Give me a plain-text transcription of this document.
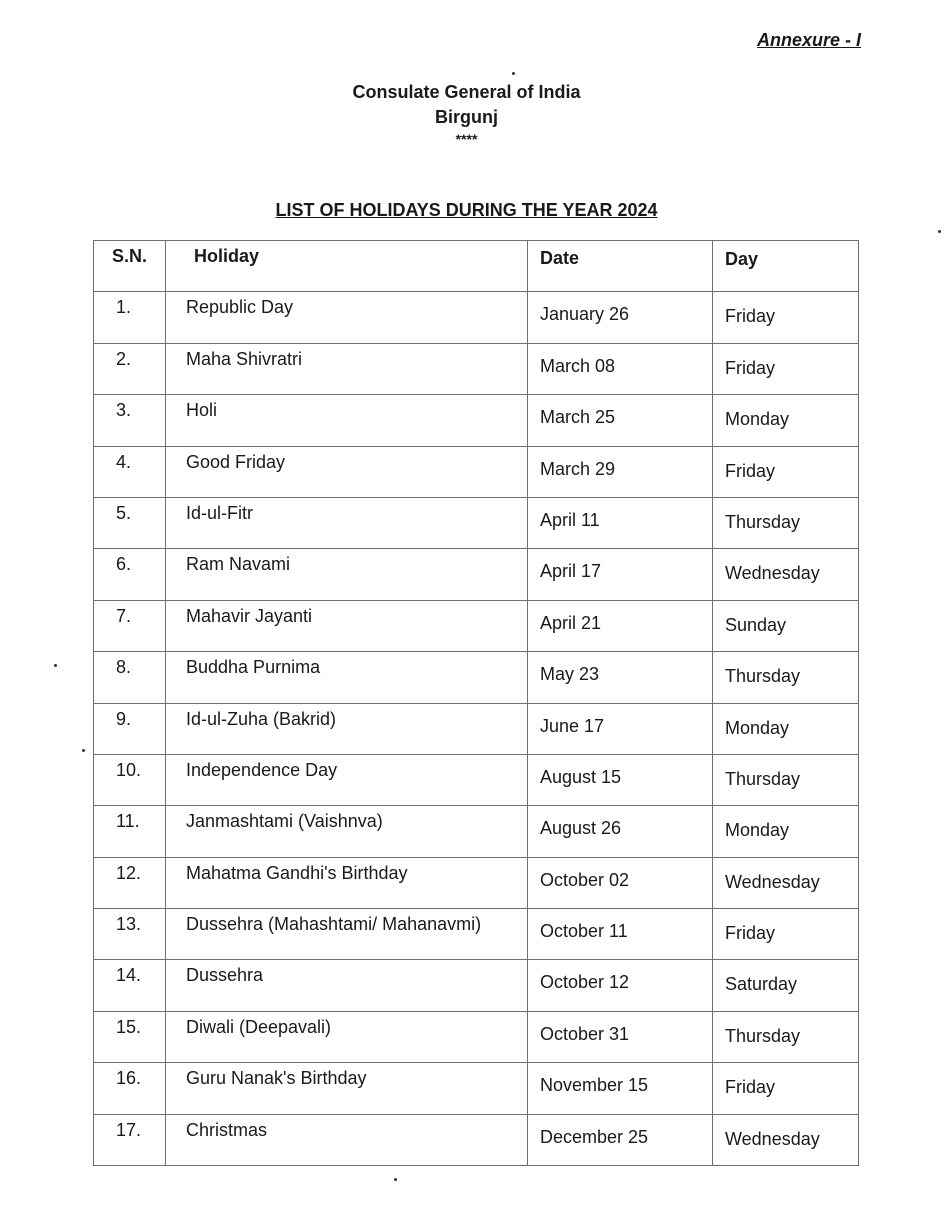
Annexure - I
Consulate General of India
Birgunj
****
LIST OF HOLIDAYS DURING THE YEAR 2024
S.N.	Holiday	Date	Day
1.	Republic Day	January 26	Friday
2.	Maha Shivratri	March 08	Friday
3.	Holi	March 25	Monday
4.	Good Friday	March 29	Friday
5.	Id-ul-Fitr	April 11	Thursday
6.	Ram Navami	April 17	Wednesday
7.	Mahavir Jayanti	April 21	Sunday
8.	Buddha Purnima	May 23	Thursday
9.	Id-ul-Zuha (Bakrid)	June 17	Monday
10.	Independence Day	August 15	Thursday
11.	Janmashtami (Vaishnva)	August 26	Monday
12.	Mahatma Gandhi's Birthday	October 02	Wednesday
13.	Dussehra (Mahashtami/ Mahanavmi)	October 11	Friday
14.	Dussehra	October 12	Saturday
15.	Diwali (Deepavali)	October 31	Thursday
16.	Guru Nanak's Birthday	November 15	Friday
17.	Christmas	December 25	Wednesday
